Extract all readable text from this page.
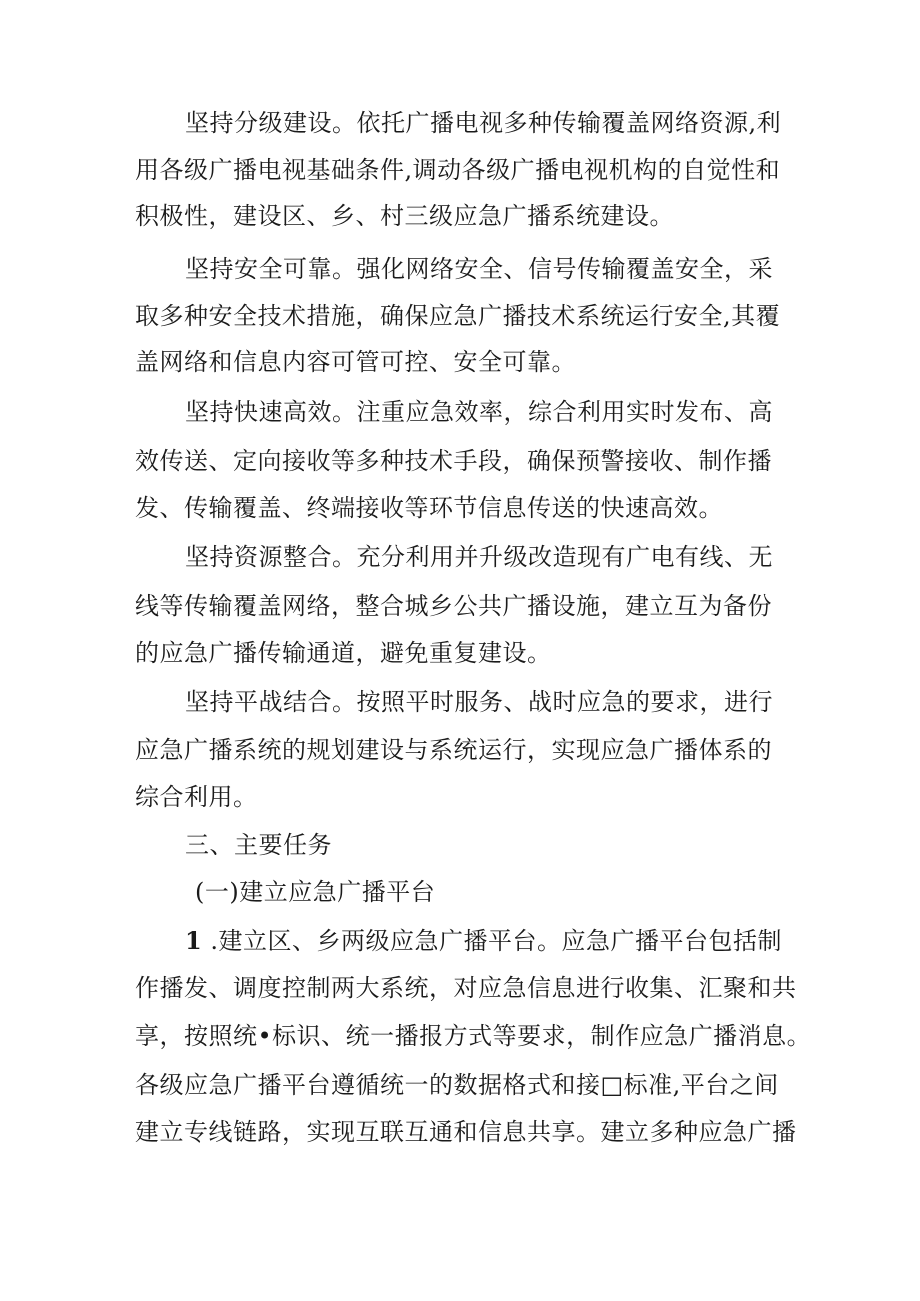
坚持分级建设。依托广播电视多种传输覆盖网络资源,利
用各级广播电视基础条件,调动各级广播电视机构的自觉性和
积极性，建设区、乡、村三级应急广播系统建设。
坚持安全可靠。强化网络安全、信号传输覆盖安全，采
取多种安全技术措施，确保应急广播技术系统运行安全,其覆
盖网络和信息内容可管可控、安全可靠。
坚持快速高效。注重应急效率，综合利用实时发布、高
效传送、定向接收等多种技术手段，确保预警接收、制作播
发、传输覆盖、终端接收等环节信息传送的快速高效。
坚持资源整合。充分利用并升级改造现有广电有线、无
线等传输覆盖网络，整合城乡公共广播设施，建立互为备份
的应急广播传输通道，避免重复建设。
坚持平战结合。按照平时服务、战时应急的要求，进行
应急广播系统的规划建设与系统运行，实现应急广播体系的
综合利用。
三、主要任务
(一)建立应急广播平台
1 .建立区、乡两级应急广播平台。应急广播平台包括制
作播发、调度控制两大系统，对应急信息进行收集、汇聚和共
享，按照统•标识、统一播报方式等要求，制作应急广播消息。
各级应急广播平台遵循统一的数据格式和接□标准,平台之间
建立专线链路，实现互联互通和信息共享。建立多种应急广播
